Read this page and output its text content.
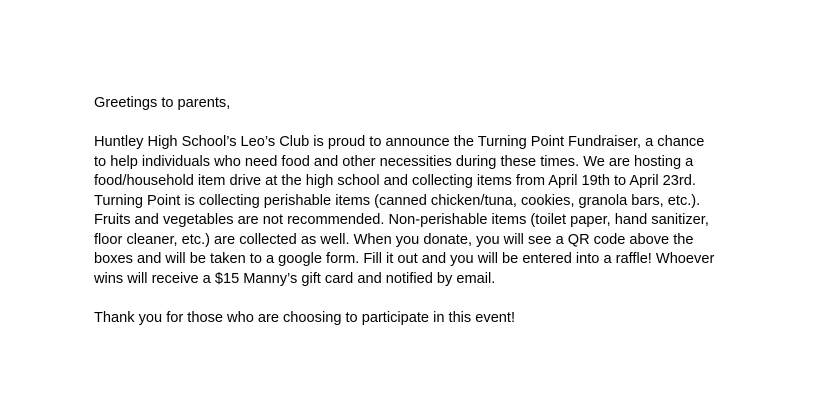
Greetings to parents,

Huntley High School’s Leo’s Club is proud to announce the Turning Point Fundraiser, a chance
to help individuals who need food and other necessities during these times. We are hosting a
food/household item drive at the high school and collecting items from April 19th to April 23rd.
Turning Point is collecting perishable items (canned chicken/tuna, cookies, granola bars, etc.).
Fruits and vegetables are not recommended. Non-perishable items (toilet paper, hand sanitizer,
floor cleaner, etc.) are collected as well. When you donate, you will see a QR code above the
boxes and will be taken to a google form. Fill it out and you will be entered into a raffle! Whoever
wins will receive a $15 Manny’s gift card and notified by email.

Thank you for those who are choosing to participate in this event!
